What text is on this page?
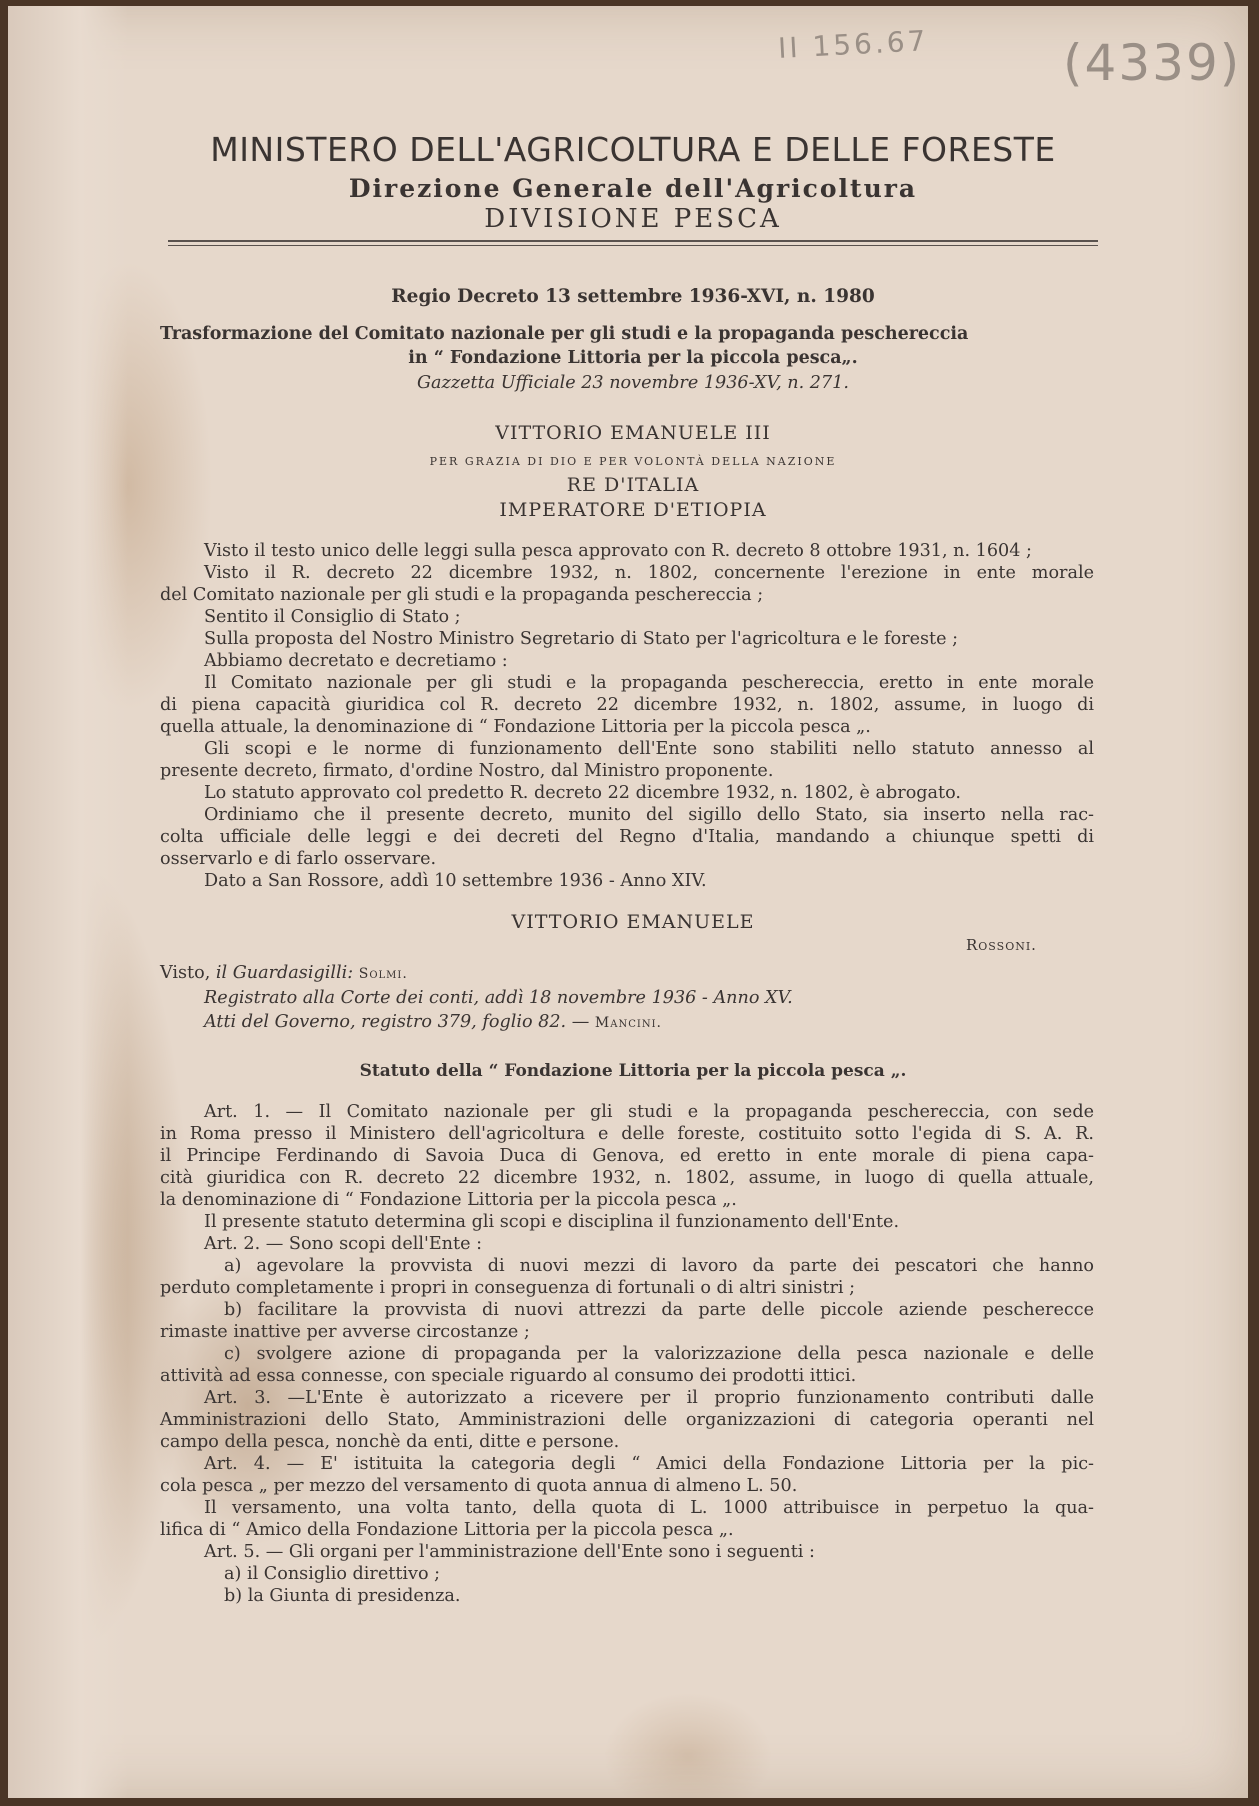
II 156.67	(4339)
MINISTERO DELL'AGRICOLTURA E DELLE FORESTE
Direzione Generale dell'Agricoltura
DIVISIONE PESCA
Regio Decreto 13 settembre 1936-XVI, n. 1980
Trasformazione del Comitato nazionale per gli studi e la propaganda peschereccia
in “ Fondazione Littoria per la piccola pesca„.
Gazzetta Ufficiale 23 novembre 1936-XV, n. 271.
VITTORIO EMANUELE III
PER GRAZIA DI DIO E PER VOLONTÀ DELLA NAZIONE
RE D'ITALIA
IMPERATORE D'ETIOPIA
Visto il testo unico delle leggi sulla pesca approvato con R. decreto 8 ottobre 1931, n. 1604 ;
Visto il R. decreto 22 dicembre 1932, n. 1802, concernente l'erezione in ente morale
del Comitato nazionale per gli studi e la propaganda peschereccia ;
Sentito il Consiglio di Stato ;
Sulla proposta del Nostro Ministro Segretario di Stato per l'agricoltura e le foreste ;
Abbiamo decretato e decretiamo :
Il Comitato nazionale per gli studi e la propaganda peschereccia, eretto in ente morale
di piena capacità giuridica col R. decreto 22 dicembre 1932, n. 1802, assume, in luogo di
quella attuale, la denominazione di “ Fondazione Littoria per la piccola pesca „.
Gli scopi e le norme di funzionamento dell'Ente sono stabiliti nello statuto annesso al
presente decreto, firmato, d'ordine Nostro, dal Ministro proponente.
Lo statuto approvato col predetto R. decreto 22 dicembre 1932, n. 1802, è abrogato.
Ordiniamo che il presente decreto, munito del sigillo dello Stato, sia inserto nella rac-
colta ufficiale delle leggi e dei decreti del Regno d'Italia, mandando a chiunque spetti di
osservarlo e di farlo osservare.
Dato a San Rossore, addì 10 settembre 1936 - Anno XIV.
VITTORIO EMANUELE
Rossoni.
Visto, il Guardasigilli: Solmi.
Registrato alla Corte dei conti, addì 18 novembre 1936 - Anno XV.
Atti del Governo, registro 379, foglio 82. — Mancini.
Statuto della “ Fondazione Littoria per la piccola pesca „.
Art. 1. — Il Comitato nazionale per gli studi e la propaganda peschereccia, con sede
in Roma presso il Ministero dell'agricoltura e delle foreste, costituito sotto l'egida di S. A. R.
il Principe Ferdinando di Savoia Duca di Genova, ed eretto in ente morale di piena capa-
cità giuridica con R. decreto 22 dicembre 1932, n. 1802, assume, in luogo di quella attuale,
la denominazione di “ Fondazione Littoria per la piccola pesca „.
Il presente statuto determina gli scopi e disciplina il funzionamento dell'Ente.
Art. 2. — Sono scopi dell'Ente :
a) agevolare la provvista di nuovi mezzi di lavoro da parte dei pescatori che hanno
perduto completamente i propri in conseguenza di fortunali o di altri sinistri ;
b) facilitare la provvista di nuovi attrezzi da parte delle piccole aziende pescherecce
rimaste inattive per avverse circostanze ;
c) svolgere azione di propaganda per la valorizzazione della pesca nazionale e delle
attività ad essa connesse, con speciale riguardo al consumo dei prodotti ittici.
Art. 3. —L'Ente è autorizzato a ricevere per il proprio funzionamento contributi dalle
Amministrazioni dello Stato, Amministrazioni delle organizzazioni di categoria operanti nel
campo della pesca, nonchè da enti, ditte e persone.
Art. 4. — E' istituita la categoria degli “ Amici della Fondazione Littoria per la pic-
cola pesca „ per mezzo del versamento di quota annua di almeno L. 50.
Il versamento, una volta tanto, della quota di L. 1000 attribuisce in perpetuo la qua-
lifica di “ Amico della Fondazione Littoria per la piccola pesca „.
Art. 5. — Gli organi per l'amministrazione dell'Ente sono i seguenti :
a) il Consiglio direttivo ;
b) la Giunta di presidenza.
